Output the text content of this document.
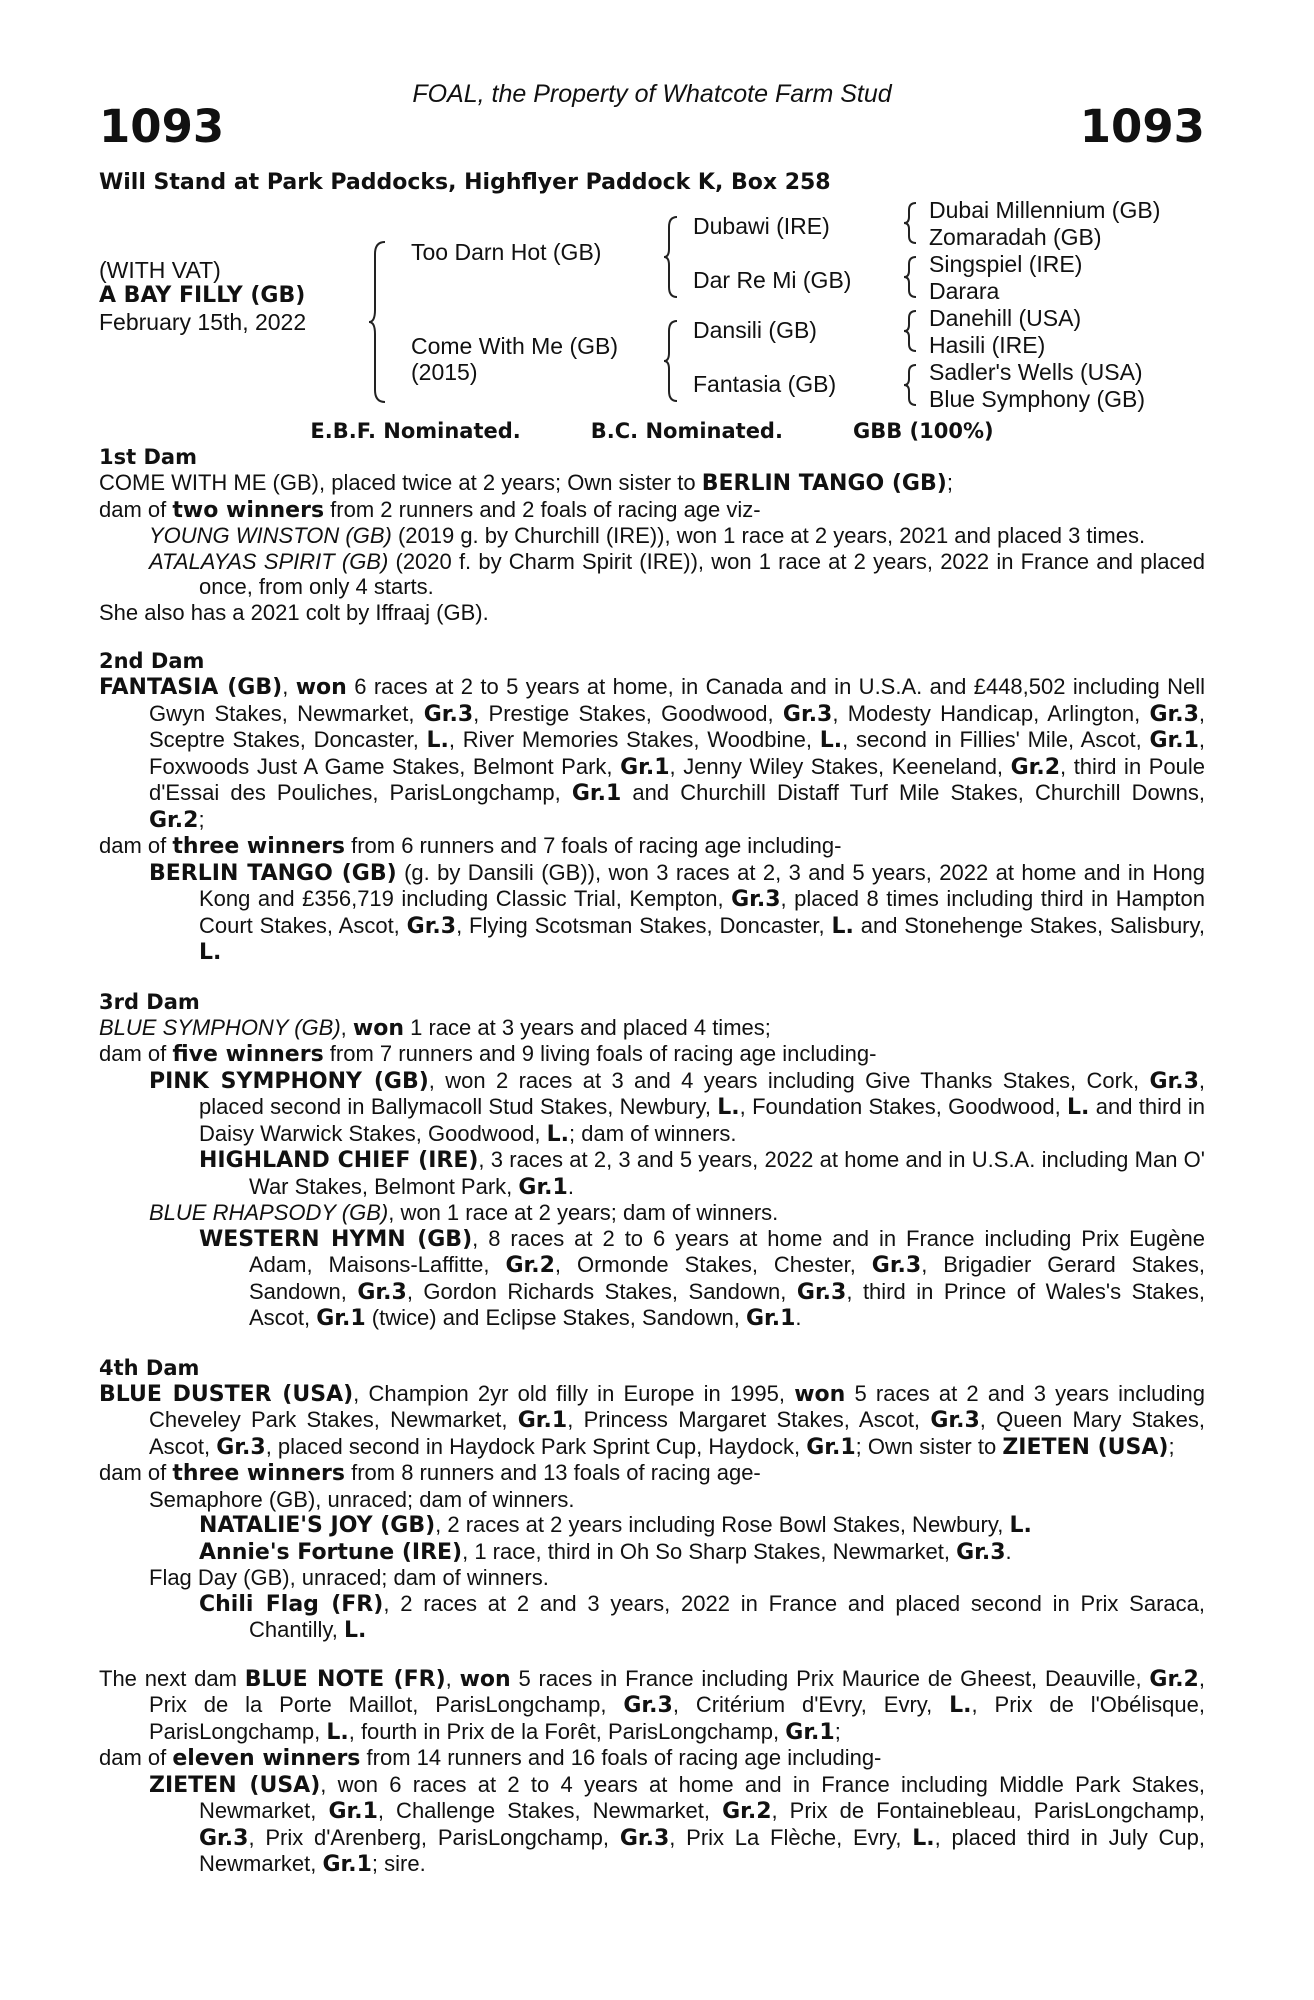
FOAL, the Property of Whatcote Farm Stud
1093	1093
Will Stand at Park Paddocks, Highflyer Paddock K, Box 258
(WITH VAT)
A BAY FILLY (GB)
February 15th, 2022
Too Darn Hot (GB)
Come With Me (GB)
(2015)
Dubawi (IRE)
Dar Re Mi (GB)
Dansili (GB)
Fantasia (GB)
Dubai Millennium (GB)
Zomaradah (GB)
Singspiel (IRE)
Darara
Danehill (USA)
Hasili (IRE)
Sadler's Wells (USA)
Blue Symphony (GB)
E.B.F. Nominated.	B.C. Nominated.	GBB (100%)
1st Dam

COME WITH ME (GB), placed twice at 2 years; Own sister to BERLIN TANGO (GB);

dam of two winners from 2 runners and 2 foals of racing age viz-

YOUNG WINSTON (GB) (2019 g. by Churchill (IRE)), won 1 race at 2 years, 2021 and placed 3 times.

ATALAYAS SPIRIT (GB) (2020 f. by Charm Spirit (IRE)), won 1 race at 2 years, 2022 in France and placed once, from only 4 starts.

She also has a 2021 colt by Iffraaj (GB).

2nd Dam

FANTASIA (GB), won 6 races at 2 to 5 years at home, in Canada and in U.S.A. and £448,502 including Nell Gwyn Stakes, Newmarket, Gr.3, Prestige Stakes, Goodwood, Gr.3, Modesty Handicap, Arlington, Gr.3, Sceptre Stakes, Doncaster, L., River Memories Stakes, Woodbine, L., second in Fillies' Mile, Ascot, Gr.1, Foxwoods Just A Game Stakes, Belmont Park, Gr.1, Jenny Wiley Stakes, Keeneland, Gr.2, third in Poule d'Essai des Pouliches, ParisLongchamp, Gr.1 and Churchill Distaff Turf Mile Stakes, Churchill Downs, Gr.2;

dam of three winners from 6 runners and 7 foals of racing age including-

BERLIN TANGO (GB) (g. by Dansili (GB)), won 3 races at 2, 3 and 5 years, 2022 at home and in Hong Kong and £356,719 including Classic Trial, Kempton, Gr.3, placed 8 times including third in Hampton Court Stakes, Ascot, Gr.3, Flying Scotsman Stakes, Doncaster, L. and Stonehenge Stakes, Salisbury, L.

3rd Dam

BLUE SYMPHONY (GB), won 1 race at 3 years and placed 4 times;

dam of five winners from 7 runners and 9 living foals of racing age including-

PINK SYMPHONY (GB), won 2 races at 3 and 4 years including Give Thanks Stakes, Cork, Gr.3, placed second in Ballymacoll Stud Stakes, Newbury, L., Foundation Stakes, Goodwood, L. and third in Daisy Warwick Stakes, Goodwood, L.; dam of winners.

HIGHLAND CHIEF (IRE), 3 races at 2, 3 and 5 years, 2022 at home and in U.S.A. including Man O' War Stakes, Belmont Park, Gr.1.

BLUE RHAPSODY (GB), won 1 race at 2 years; dam of winners.

WESTERN HYMN (GB), 8 races at 2 to 6 years at home and in France including Prix Eugène Adam, Maisons-Laffitte, Gr.2, Ormonde Stakes, Chester, Gr.3, Brigadier Gerard Stakes, Sandown, Gr.3, Gordon Richards Stakes, Sandown, Gr.3, third in Prince of Wales's Stakes, Ascot, Gr.1 (twice) and Eclipse Stakes, Sandown, Gr.1.

4th Dam

BLUE DUSTER (USA), Champion 2yr old filly in Europe in 1995, won 5 races at 2 and 3 years including Cheveley Park Stakes, Newmarket, Gr.1, Princess Margaret Stakes, Ascot, Gr.3, Queen Mary Stakes, Ascot, Gr.3, placed second in Haydock Park Sprint Cup, Haydock, Gr.1; Own sister to ZIETEN (USA);

dam of three winners from 8 runners and 13 foals of racing age-

Semaphore (GB), unraced; dam of winners.

NATALIE'S JOY (GB), 2 races at 2 years including Rose Bowl Stakes, Newbury, L.

Annie's Fortune (IRE), 1 race, third in Oh So Sharp Stakes, Newmarket, Gr.3.

Flag Day (GB), unraced; dam of winners.

Chili Flag (FR), 2 races at 2 and 3 years, 2022 in France and placed second in Prix Saraca, Chantilly, L.

The next dam BLUE NOTE (FR), won 5 races in France including Prix Maurice de Gheest, Deauville, Gr.2, Prix de la Porte Maillot, ParisLongchamp, Gr.3, Critérium d'Evry, Evry, L., Prix de l'Obélisque, ParisLongchamp, L., fourth in Prix de la Forêt, ParisLongchamp, Gr.1;

dam of eleven winners from 14 runners and 16 foals of racing age including-

ZIETEN (USA), won 6 races at 2 to 4 years at home and in France including Middle Park Stakes, Newmarket, Gr.1, Challenge Stakes, Newmarket, Gr.2, Prix de Fontainebleau, ParisLongchamp, Gr.3, Prix d'Arenberg, ParisLongchamp, Gr.3, Prix La Flèche, Evry, L., placed third in July Cup, Newmarket, Gr.1; sire.
